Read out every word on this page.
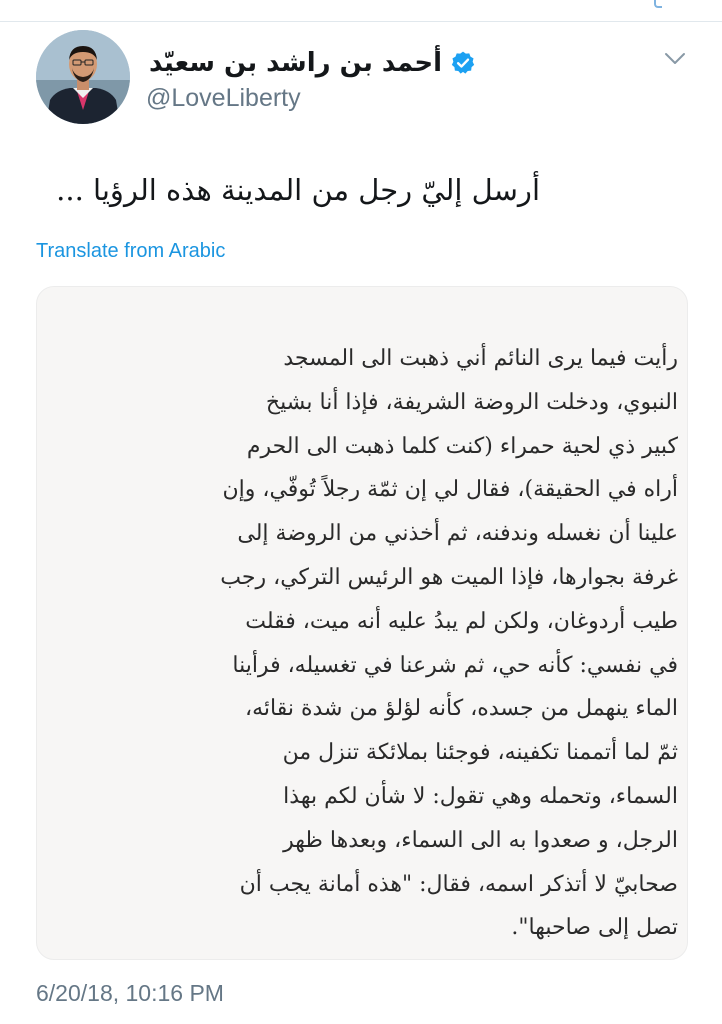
أحمد بن راشد بن سعيّد
@LoveLiberty
أرسل إليّ رجل من المدينة هذه الرؤيا ...
Translate from Arabic
رأيت فيما يرى النائم أني ذهبت الى المسجد
النبوي، ودخلت الروضة الشريفة، فإذا أنا بشيخ
كبير ذي لحية حمراء (كنت كلما ذهبت الى الحرم
أراه في الحقيقة)، فقال لي إن ثمّة رجلاً تُوفّي، وإن
علينا أن نغسله وندفنه، ثم أخذني من الروضة إلى
غرفة بجوارها، فإذا الميت هو الرئيس التركي، رجب
طيب أردوغان، ولكن لم يبدُ عليه أنه ميت، فقلت
في نفسي: كأنه حي، ثم شرعنا في تغسيله، فرأينا
الماء ينهمل من جسده، كأنه لؤلؤ من شدة نقائه،
ثمّ لما أتممنا تكفينه، فوجئنا بملائكة تنزل من
السماء، وتحمله وهي تقول: لا شأن لكم بهذا
الرجل، و صعدوا به الى السماء، وبعدها ظهر
صحابيّ لا أتذكر اسمه، فقال: "هذه أمانة يجب أن
تصل إلى صاحبها".
6/20/18, 10:16 PM
